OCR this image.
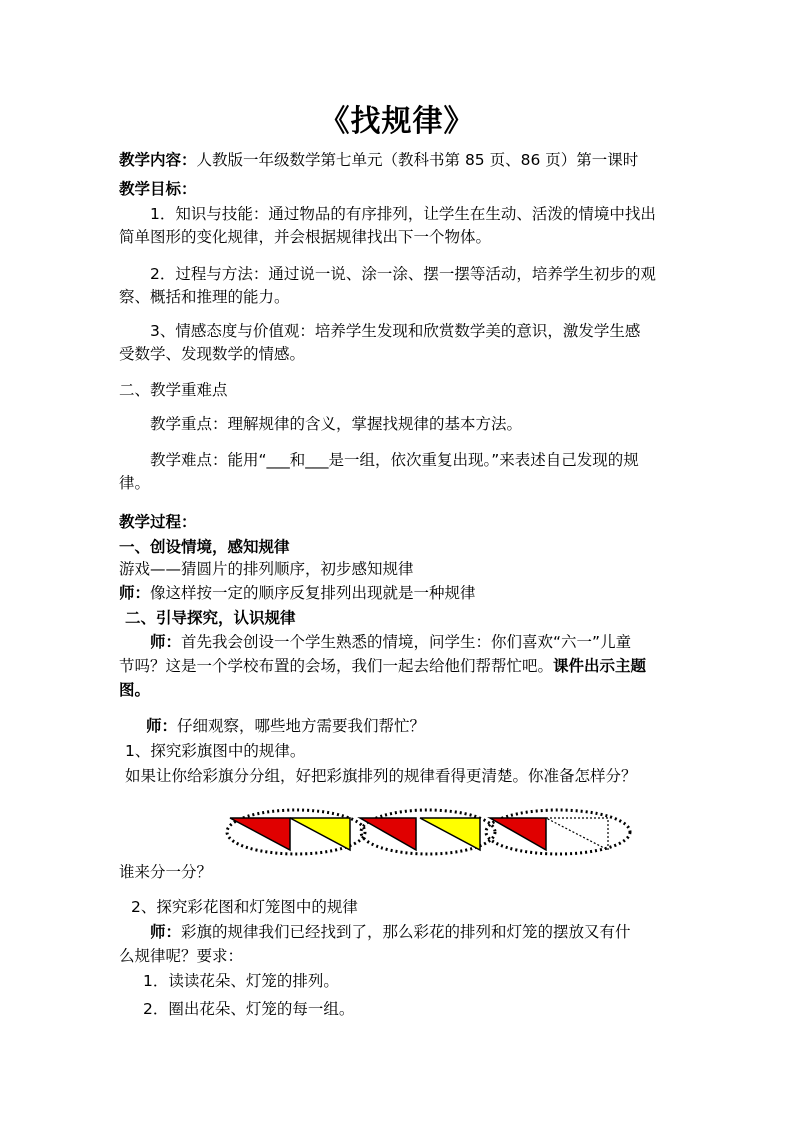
《找规律》
教学内容：人教版一年级数学第七单元（教科书第 85 页、86 页）第一课时
教学目标：
1．知识与技能：通过物品的有序排列，让学生在生动、活泼的情境中找出
简单图形的变化规律，并会根据规律找出下一个物体。
2．过程与方法：通过说一说、涂一涂、摆一摆等活动，培养学生初步的观
察、概括和推理的能力。
3、情感态度与价值观：培养学生发现和欣赏数学美的意识，激发学生感
受数学、发现数学的情感。
二、教学重难点
教学重点：理解规律的含义，掌握找规律的基本方法。
教学难点：能用“___和___是一组，依次重复出现。”来表述自己发现的规
律。
教学过程：
一、创设情境，感知规律
游戏——猜圆片的排列顺序，初步感知规律
师：像这样按一定的顺序反复排列出现就是一种规律
二、引导探究，认识规律
师：首先我会创设一个学生熟悉的情境，问学生：你们喜欢“六一”儿童
节吗？这是一个学校布置的会场，我们一起去给他们帮帮忙吧。课件出示主题
图。
师：仔细观察，哪些地方需要我们帮忙？
1、探究彩旗图中的规律。
如果让你给彩旗分分组，好把彩旗排列的规律看得更清楚。你准备怎样分？
谁来分一分？
2、探究彩花图和灯笼图中的规律
师：彩旗的规律我们已经找到了，那么彩花的排列和灯笼的摆放又有什
么规律呢？要求：
1．读读花朵、灯笼的排列。
2．圈出花朵、灯笼的每一组。
